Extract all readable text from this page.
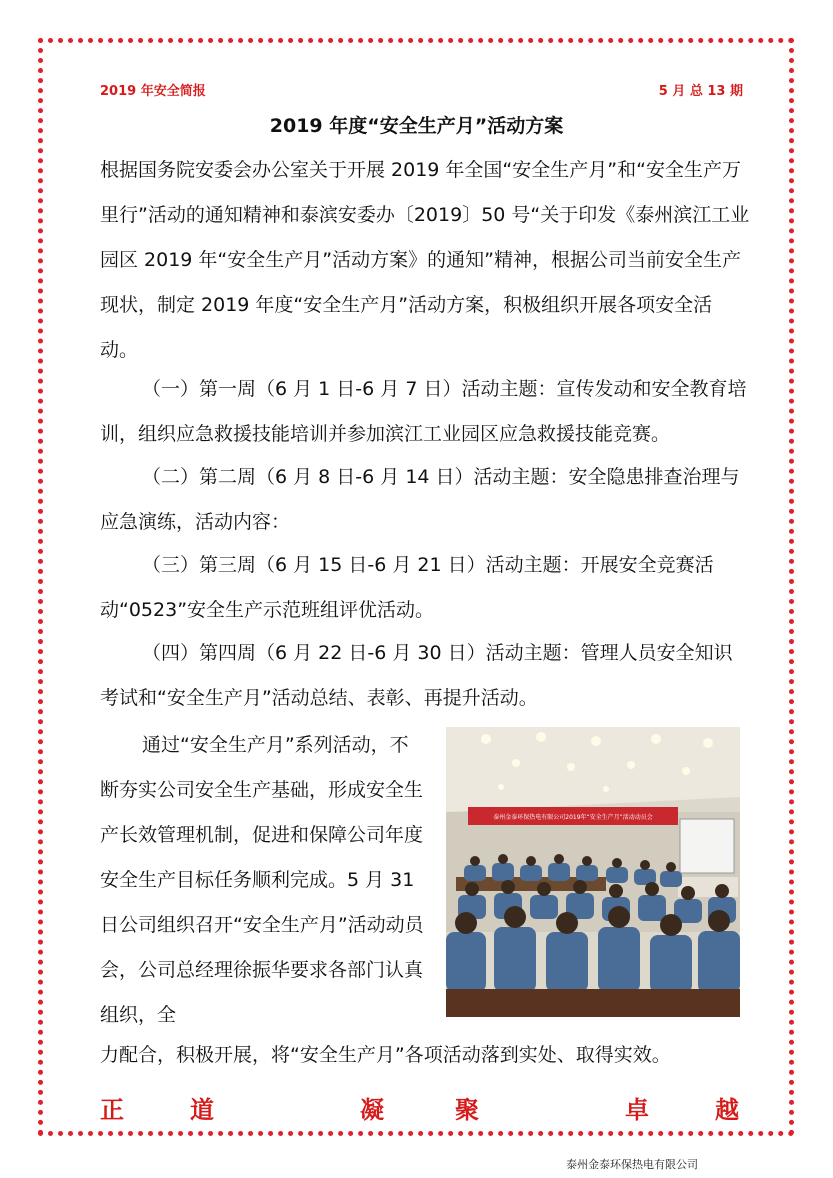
2019 年安全简报	5 月 总 13 期
2019 年度“安全生产月”活动方案

根据国务院安委会办公室关于开展 2019 年全国“安全生产月”和“安全生产万里行”活动的通知精神和泰滨安委办〔2019〕50 号“关于印发《泰州滨江工业园区 2019 年“安全生产月”活动方案》的通知”精神，根据公司当前安全生产现状，制定 2019 年度“安全生产月”活动方案，积极组织开展各项安全活动。

（一）第一周（6 月 1 日-6 月 7 日）活动主题：宣传发动和安全教育培训，组织应急救援技能培训并参加滨江工业园区应急救援技能竞赛。

（二）第二周（6 月 8 日-6 月 14 日）活动主题：安全隐患排查治理与应急演练，活动内容：

（三）第三周（6 月 15 日-6 月 21 日）活动主题：开展安全竞赛活动“0523”安全生产示范班组评优活动。

（四）第四周（6 月 22 日-6 月 30 日）活动主题：管理人员安全知识考试和“安全生产月”活动总结、表彰、再提升活动。

通过“安全生产月”系列活动，不断夯实公司安全生产基础，形成安全生产长效管理机制，促进和保障公司年度安全生产目标任务顺利完成。5 月 31 日公司组织召开“安全生产月”活动动员会，公司总经理徐振华要求各部门认真组织，全

力配合，积极开展，将“安全生产月”各项活动落到实处、取得实效。

泰州金泰环保热电有限公司2019年“安全生产月”活动动员会
正	道	凝	聚	卓	越
泰州金泰环保热电有限公司
